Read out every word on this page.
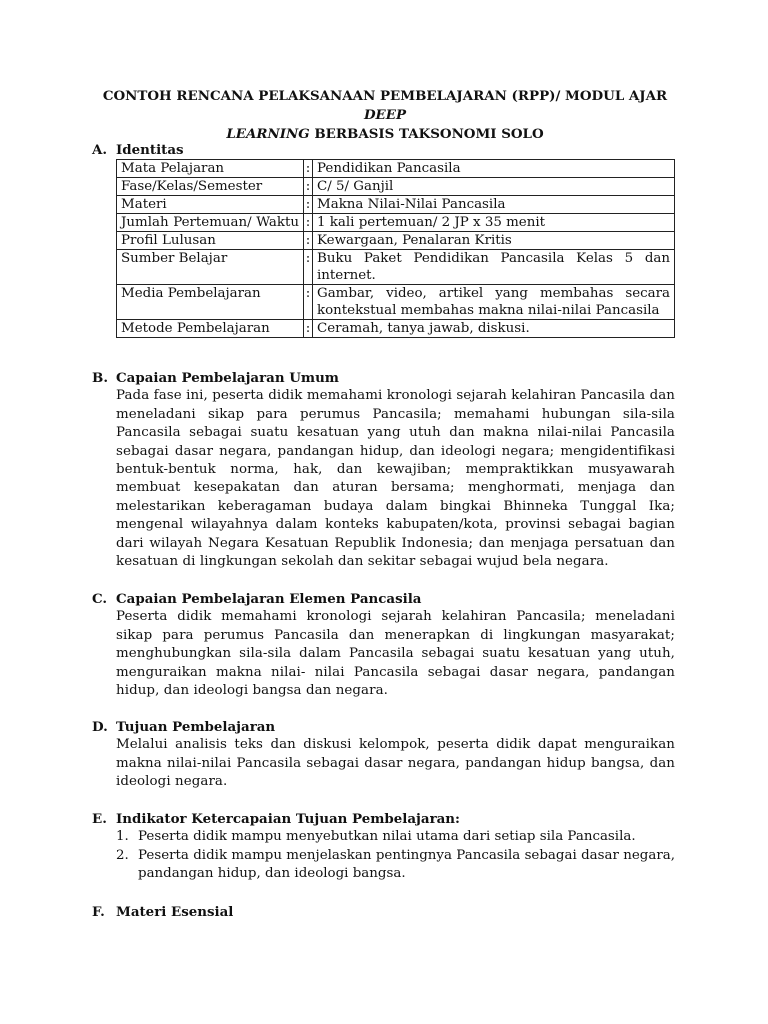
CONTOH RENCANA PELAKSANAAN PEMBELAJARAN (RPP)/ MODUL AJAR DEEP
LEARNING BERBASIS TAKSONOMI SOLO
A. Identitas
Mata Pelajaran	:	Pendidikan Pancasila
Fase/Kelas/Semester	:	C/ 5/ Ganjil
Materi	:	Makna Nilai-Nilai Pancasila
Jumlah Pertemuan/ Waktu	:	1 kali pertemuan/ 2 JP x 35 menit
Profil Lulusan	:	Kewargaan, Penalaran Kritis
Sumber Belajar	:	Buku Paket Pendidikan Pancasila Kelas 5 dan internet.
Media Pembelajaran	:	Gambar, video, artikel yang membahas secara kontekstual membahas makna nilai-nilai Pancasila
Metode Pembelajaran	:	Ceramah, tanya jawab, diskusi.
B. Capaian Pembelajaran Umum
Pada fase ini, peserta didik memahami kronologi sejarah kelahiran Pancasila dan meneladani sikap para perumus Pancasila; memahami hubungan sila-sila Pancasila sebagai suatu kesatuan yang utuh dan makna nilai-nilai Pancasila sebagai dasar negara, pandangan hidup, dan ideologi negara; mengidentifikasi bentuk-bentuk norma, hak, dan kewajiban; mempraktikkan musyawarah membuat kesepakatan dan aturan bersama; menghormati, menjaga dan melestarikan keberagaman budaya dalam bingkai Bhinneka Tunggal Ika; mengenal wilayahnya dalam konteks kabupaten/kota, provinsi sebagai bagian dari wilayah Negara Kesatuan Republik Indonesia; dan menjaga persatuan dan kesatuan di lingkungan sekolah dan sekitar sebagai wujud bela negara.
C. Capaian Pembelajaran Elemen Pancasila
Peserta didik memahami kronologi sejarah kelahiran Pancasila; meneladani sikap para perumus Pancasila dan menerapkan di lingkungan masyarakat; menghubungkan sila-sila dalam Pancasila sebagai suatu kesatuan yang utuh, menguraikan makna nilai- nilai Pancasila sebagai dasar negara, pandangan hidup, dan ideologi bangsa dan negara.
D. Tujuan Pembelajaran
Melalui analisis teks dan diskusi kelompok, peserta didik dapat menguraikan makna nilai-nilai Pancasila sebagai dasar negara, pandangan hidup bangsa, dan ideologi negara.
E. Indikator Ketercapaian Tujuan Pembelajaran:
1. Peserta didik mampu menyebutkan nilai utama dari setiap sila Pancasila.
2. Peserta didik mampu menjelaskan pentingnya Pancasila sebagai dasar negara, pandangan hidup, dan ideologi bangsa.
F. Materi Esensial
